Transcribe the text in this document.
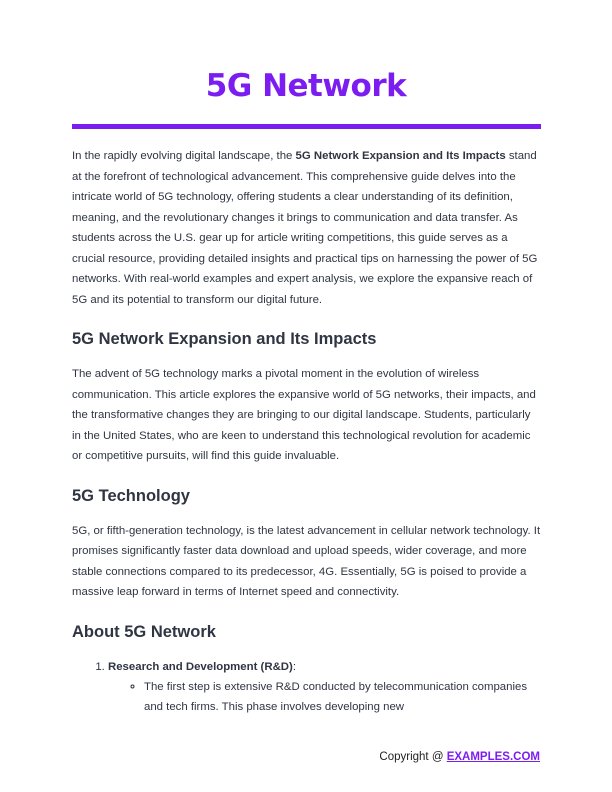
5G Network

In the rapidly evolving digital landscape, the 5G Network Expansion and Its Impacts stand at the forefront of technological advancement. This comprehensive guide delves into the intricate world of 5G technology, offering students a clear understanding of its definition, meaning, and the revolutionary changes it brings to communication and data transfer. As students across the U.S. gear up for article writing competitions, this guide serves as a crucial resource, providing detailed insights and practical tips on harnessing the power of 5G networks. With real-world examples and expert analysis, we explore the expansive reach of 5G and its potential to transform our digital future.

5G Network Expansion and Its Impacts

The advent of 5G technology marks a pivotal moment in the evolution of wireless communication. This article explores the expansive world of 5G networks, their impacts, and the transformative changes they are bringing to our digital landscape. Students, particularly in the United States, who are keen to understand this technological revolution for academic or competitive pursuits, will find this guide invaluable.

5G Technology

5G, or fifth-generation technology, is the latest advancement in cellular network technology. It promises significantly faster data download and upload speeds, wider coverage, and more stable connections compared to its predecessor, 4G. Essentially, 5G is poised to provide a massive leap forward in terms of Internet speed and connectivity.

About 5G Network
1. Research and Development (R&D):
◦ The first step is extensive R&D conducted by telecommunication companies and tech firms. This phase involves developing new
Copyright @ EXAMPLES.COM
